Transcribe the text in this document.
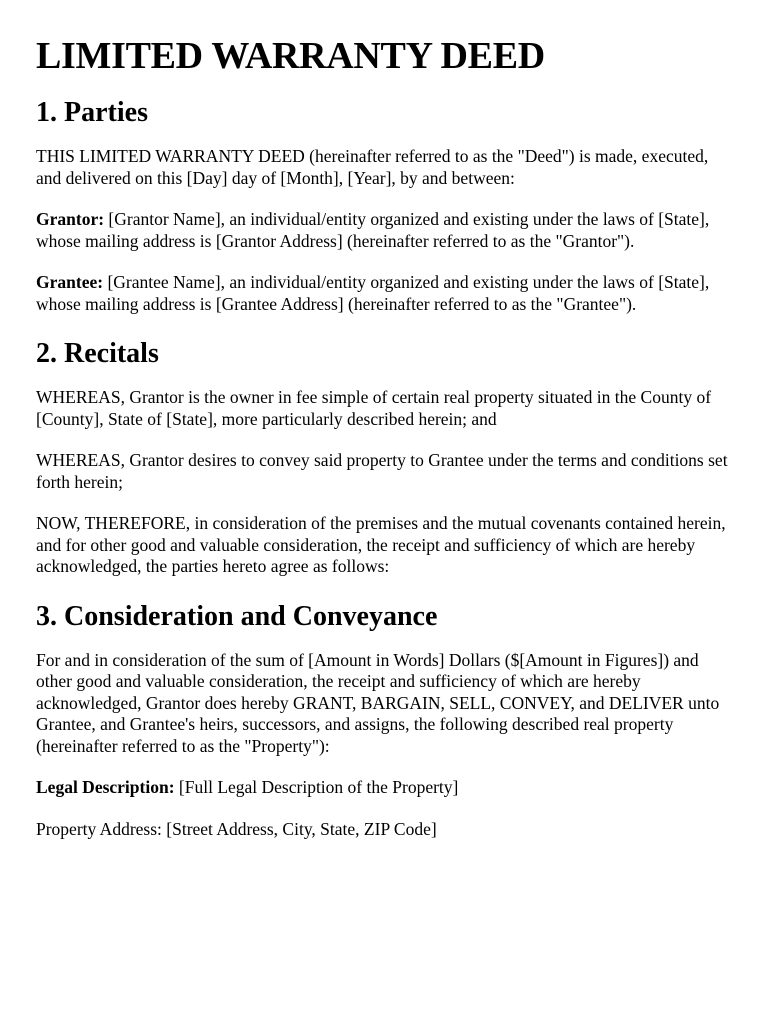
LIMITED WARRANTY DEED
1. Parties

THIS LIMITED WARRANTY DEED (hereinafter referred to as the "Deed") is made, executed, and delivered on this [Day] day of [Month], [Year], by and between:

Grantor: [Grantor Name], an individual/entity organized and existing under the laws of [State], whose mailing address is [Grantor Address] (hereinafter referred to as the "Grantor").

Grantee: [Grantee Name], an individual/entity organized and existing under the laws of [State], whose mailing address is [Grantee Address] (hereinafter referred to as the "Grantee").

2. Recitals

WHEREAS, Grantor is the owner in fee simple of certain real property situated in the County of [County], State of [State], more particularly described herein; and

WHEREAS, Grantor desires to convey said property to Grantee under the terms and conditions set forth herein;

NOW, THEREFORE, in consideration of the premises and the mutual covenants contained herein, and for other good and valuable consideration, the receipt and sufficiency of which are hereby acknowledged, the parties hereto agree as follows:

3. Consideration and Conveyance

For and in consideration of the sum of [Amount in Words] Dollars ($[Amount in Figures]) and other good and valuable consideration, the receipt and sufficiency of which are hereby acknowledged, Grantor does hereby GRANT, BARGAIN, SELL, CONVEY, and DELIVER unto Grantee, and Grantee's heirs, successors, and assigns, the following described real property (hereinafter referred to as the "Property"):

Legal Description: [Full Legal Description of the Property]

Property Address: [Street Address, City, State, ZIP Code]
